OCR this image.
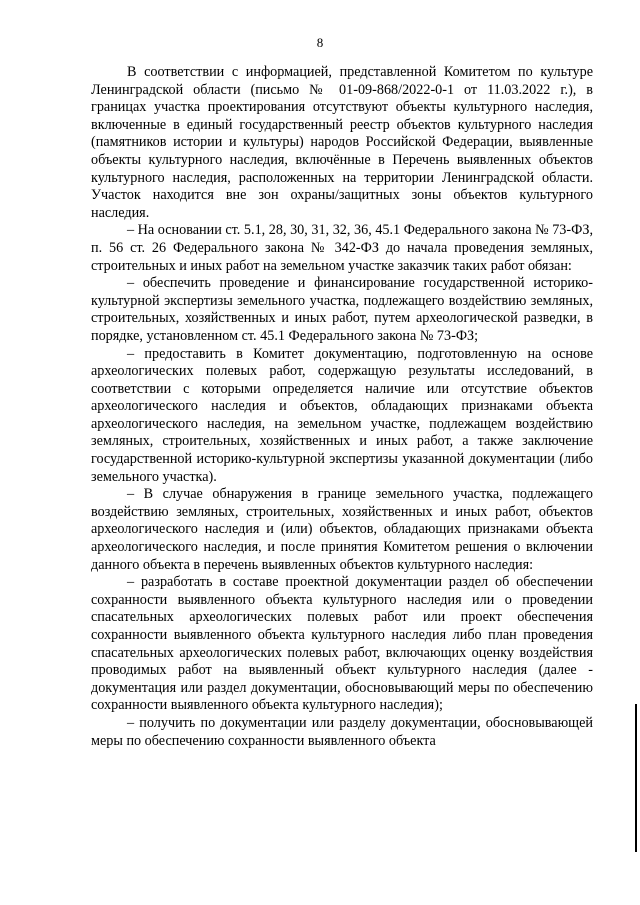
8

В соответствии с информацией, представленной Комитетом по культуре Ленинградской области (письмо № 01-09-868/2022-0-1 от 11.03.2022 г.), в границах участка проектирования отсутствуют объекты культурного наследия, включенные в единый государственный реестр объектов культурного наследия (памятников истории и культуры) народов Российской Федерации, выявленные объекты культурного наследия, включённые в Перечень выявленных объектов культурного наследия, расположенных на территории Ленинградской области. Участок находится вне зон охраны/защитных зоны объектов культурного наследия.

– На основании ст. 5.1, 28, 30, 31, 32, 36, 45.1 Федерального закона № 73-ФЗ, п. 56 ст. 26 Федерального закона № 342-ФЗ до начала проведения земляных, строительных и иных работ на земельном участке заказчик таких работ обязан:

– обеспечить проведение и финансирование государственной историко-культурной экспертизы земельного участка, подлежащего воздействию земляных, строительных, хозяйственных и иных работ, путем археологической разведки, в порядке, установленном ст. 45.1 Федерального закона № 73-ФЗ;

– предоставить в Комитет документацию, подготовленную на основе археологических полевых работ, содержащую результаты исследований, в соответствии с которыми определяется наличие или отсутствие объектов археологического наследия и объектов, обладающих признаками объекта археологического наследия, на земельном участке, подлежащем воздействию земляных, строительных, хозяйственных и иных работ, а также заключение государственной историко-культурной экспертизы указанной документации (либо земельного участка).

– В случае обнаружения в границе земельного участка, подлежащего воздействию земляных, строительных, хозяйственных и иных работ, объектов археологического наследия и (или) объектов, обладающих признаками объекта археологического наследия, и после принятия Комитетом решения о включении данного объекта в перечень выявленных объектов культурного наследия:

– разработать в составе проектной документации раздел об обеспечении сохранности выявленного объекта культурного наследия или о проведении спасательных археологических полевых работ или проект обеспечения сохранности выявленного объекта культурного наследия либо план проведения спасательных археологических полевых работ, включающих оценку воздействия проводимых работ на выявленный объект культурного наследия (далее - документация или раздел документации, обосновывающий меры по обеспечению сохранности выявленного объекта культурного наследия);

– получить по документации или разделу документации, обосновывающей меры по обеспечению сохранности выявленного объекта
